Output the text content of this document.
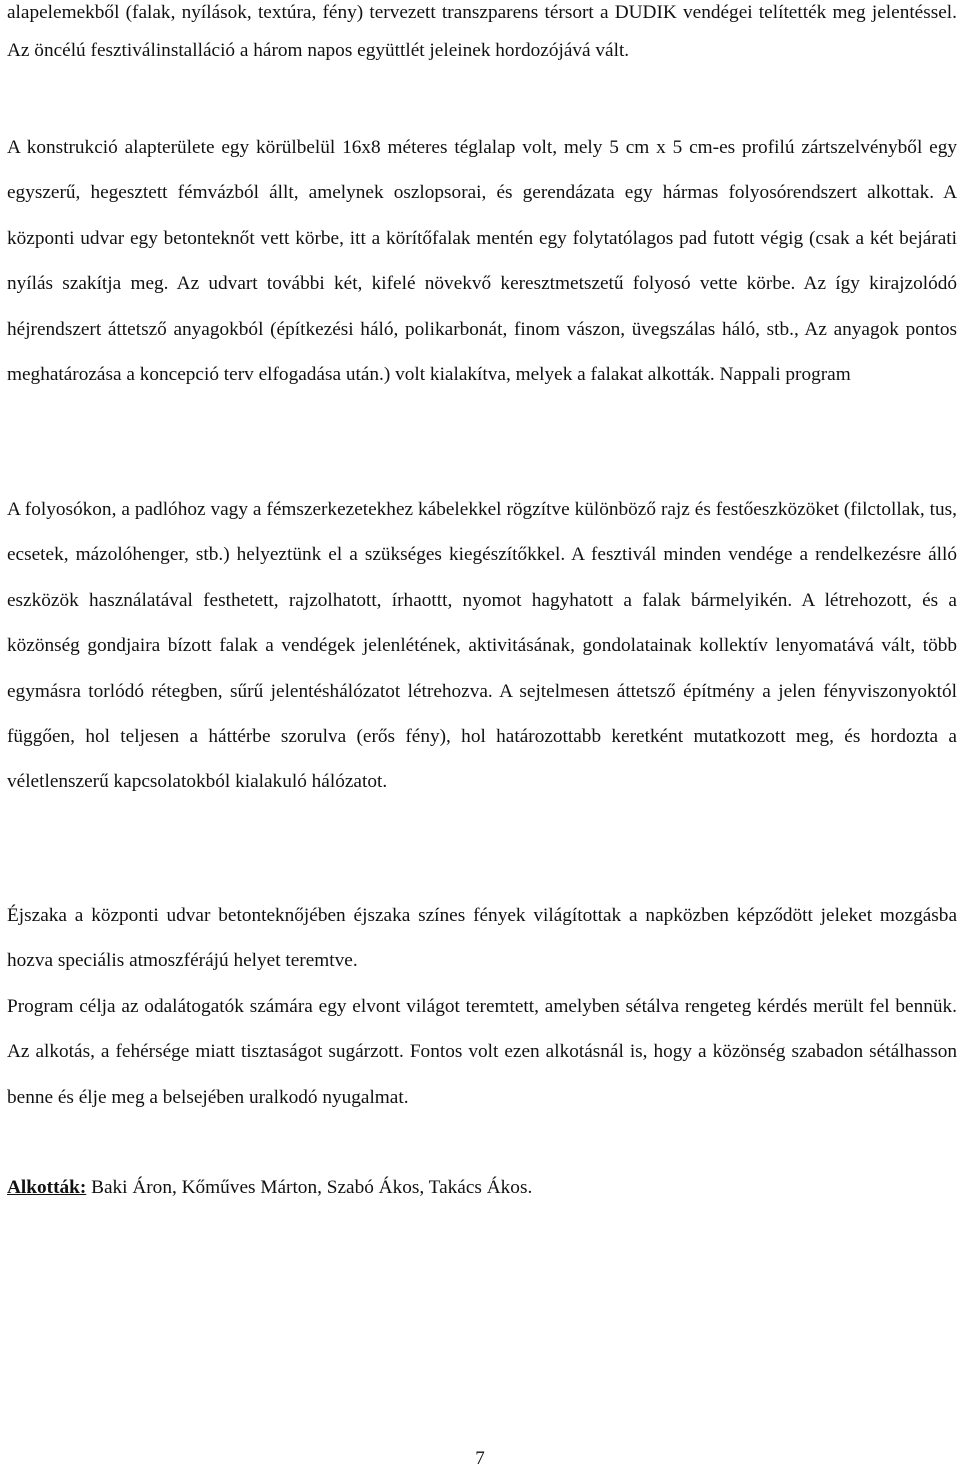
alapelemekből (falak, nyílások, textúra, fény) tervezett transzparens térsort a DUDIK vendégei telítették meg jelentéssel. Az öncélú fesztiválinstalláció a három napos együttlét jeleinek hordozójává vált.

A konstrukció alapterülete egy körülbelül 16x8 méteres téglalap volt, mely 5 cm x 5 cm-es profilú zártszelvényből egy egyszerű, hegesztett fémvázból állt, amelynek oszlopsorai, és gerendázata egy hármas folyosórendszert alkottak. A központi udvar egy betonteknőt vett körbe, itt a körítőfalak mentén egy folytatólagos pad futott végig (csak a két bejárati nyílás szakítja meg. Az udvart további két, kifelé növekvő keresztmetszetű folyosó vette körbe. Az így kirajzolódó héjrendszert áttetsző anyagokból (építkezési háló, polikarbonát, finom vászon, üvegszálas háló, stb., Az anyagok pontos meghatározása a koncepció terv elfogadása után.) volt kialakítva, melyek a falakat alkották. Nappali program

A folyosókon, a padlóhoz vagy a fémszerkezetekhez kábelekkel rögzítve különböző rajz és festőeszközöket (filctollak, tus, ecsetek, mázolóhenger, stb.) helyeztünk el a szükséges kiegészítőkkel. A fesztivál minden vendége a rendelkezésre álló eszközök használatával festhetett, rajzolhatott, írhaottt, nyomot hagyhatott a falak bármelyikén. A létrehozott, és a közönség gondjaira bízott falak a vendégek jelenlétének, aktivitásának, gondolatainak kollektív lenyomatává vált, több egymásra torlódó rétegben, sűrű jelentéshálózatot létrehozva. A sejtelmesen áttetsző építmény a jelen fényviszonyoktól függően, hol teljesen a háttérbe szorulva (erős fény), hol határozottabb keretként mutatkozott meg, és hordozta a véletlenszerű kapcsolatokból kialakuló hálózatot.

Éjszaka a központi udvar betonteknőjében éjszaka színes fények világítottak a napközben képződött jeleket mozgásba hozva speciális atmoszférájú helyet teremtve.

Program célja az odalátogatók számára egy elvont világot teremtett, amelyben sétálva rengeteg kérdés merült fel bennük. Az alkotás, a fehérsége miatt tisztaságot sugárzott. Fontos volt ezen alkotásnál is, hogy a közönség szabadon sétálhasson benne és élje meg a belsejében uralkodó nyugalmat.

Alkották: Baki Áron, Kőműves Márton, Szabó Ákos, Takács Ákos.

7
